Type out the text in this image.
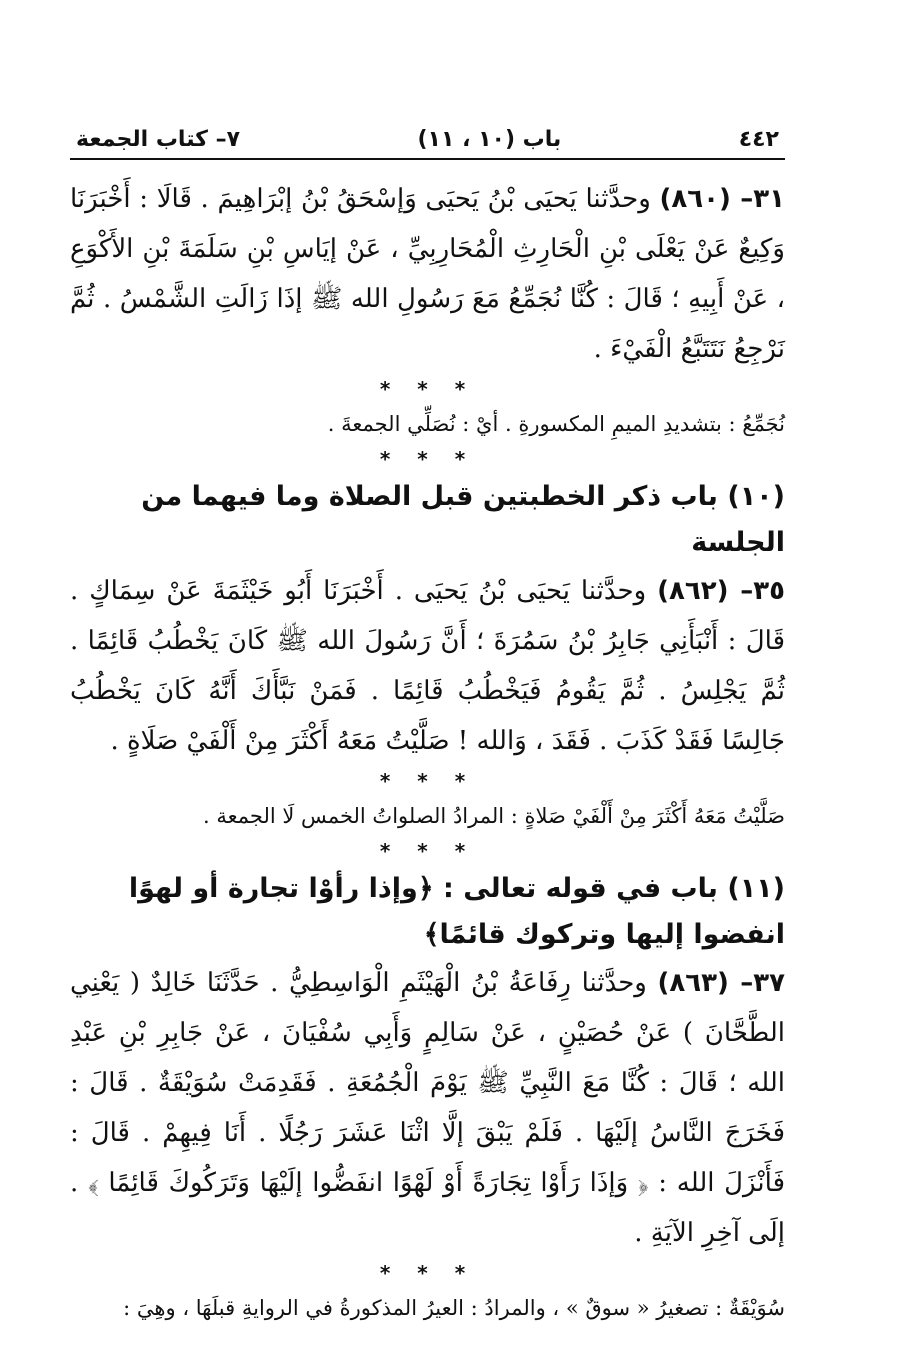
٤٤٢
باب (١٠ ، ١١)
٧– كتاب الجمعة

٣١– (٨٦٠) وحدَّثنا يَحيَى بْنُ يَحيَى وَإسْحَقُ بْنُ إبْرَاهِيمَ . قَالَا : أَخْبَرَنَا وَكِيعٌ عَنْ يَعْلَى بْنِ الْحَارِثِ الْمُحَارِبِيِّ ، عَنْ إيَاسِ بْنِ سَلَمَةَ بْنِ الأَكْوَعِ ، عَنْ أَبِيهِ ؛ قَالَ : كُنَّا نُجَمِّعُ مَعَ رَسُولِ الله ﷺ إذَا زَالَتِ الشَّمْسُ . ثُمَّ نَرْجِعُ نَتَتَبَّعُ الْفَيْءَ .

* * *

نُجَمِّعُ : بتشديدِ الميمِ المكسورةِ . أيْ : نُصَلِّي الجمعةَ .

* * *

(١٠) باب ذكر الخطبتين قبل الصلاة وما فيهما من الجلسة

٣٥– (٨٦٢) وحدَّثنا يَحيَى بْنُ يَحيَى . أَخْبَرَنَا أَبُو خَيْثَمَةَ عَنْ سِمَاكٍ . قَالَ : أَنْبَأَنِي جَابِرُ بْنُ سَمُرَةَ ؛ أَنَّ رَسُولَ الله ﷺ كَانَ يَخْطُبُ قَائِمًا . ثُمَّ يَجْلِسُ . ثُمَّ يَقُومُ فَيَخْطُبُ قَائِمًا . فَمَنْ نَبَّأَكَ أَنَّهُ كَانَ يَخْطُبُ جَالِسًا فَقَدْ كَذَبَ . فَقَدَ ، وَالله ! صَلَّيْتُ مَعَهُ أَكْثَرَ مِنْ أَلْفَيْ صَلَاةٍ .

* * *

صَلَّيْتُ مَعَهُ أَكْثَرَ مِنْ أَلْفَيْ صَلاةٍ : المرادُ الصلواتُ الخمس لَا الجمعة .

* * *

(١١) باب في قوله تعالى : ﴿وإذا رأوْا تجارة أو لهوًا انفضوا إليها وتركوك قائمًا﴾

٣٧– (٨٦٣) وحدَّثنا رِفَاعَةُ بْنُ الْهَيْثَمِ الْوَاسِطِيُّ . حَدَّثَنَا خَالِدٌ ( يَعْنِي الطَّحَّانَ ) عَنْ حُصَيْنٍ ، عَنْ سَالِمٍ وَأَبِي سُفْيَانَ ، عَنْ جَابِرِ بْنِ عَبْدِ الله ؛ قَالَ : كُنَّا مَعَ النَّبِيِّ ﷺ يَوْمَ الْجُمُعَةِ . فَقَدِمَتْ سُوَيْقَةٌ . قَالَ : فَخَرَجَ النَّاسُ إلَيْهَا . فَلَمْ يَبْقَ إلَّا اثْنَا عَشَرَ رَجُلًا . أَنَا فِيهِمْ . قَالَ : فَأَنْزَلَ الله : ﴿ وَإذَا رَأَوْا تِجَارَةً أَوْ لَهْوًا انفَضُّوا إلَيْهَا وَتَرَكُوكَ قَائِمًا ﴾ . إلَى آخِرِ الآيَةِ .

* * *

سُوَيْقَةٌ : تصغيرُ « سوقٌ » ، والمرادُ : العيرُ المذكورةُ في الروايةِ قبلَهَا ، وهِيَ :
